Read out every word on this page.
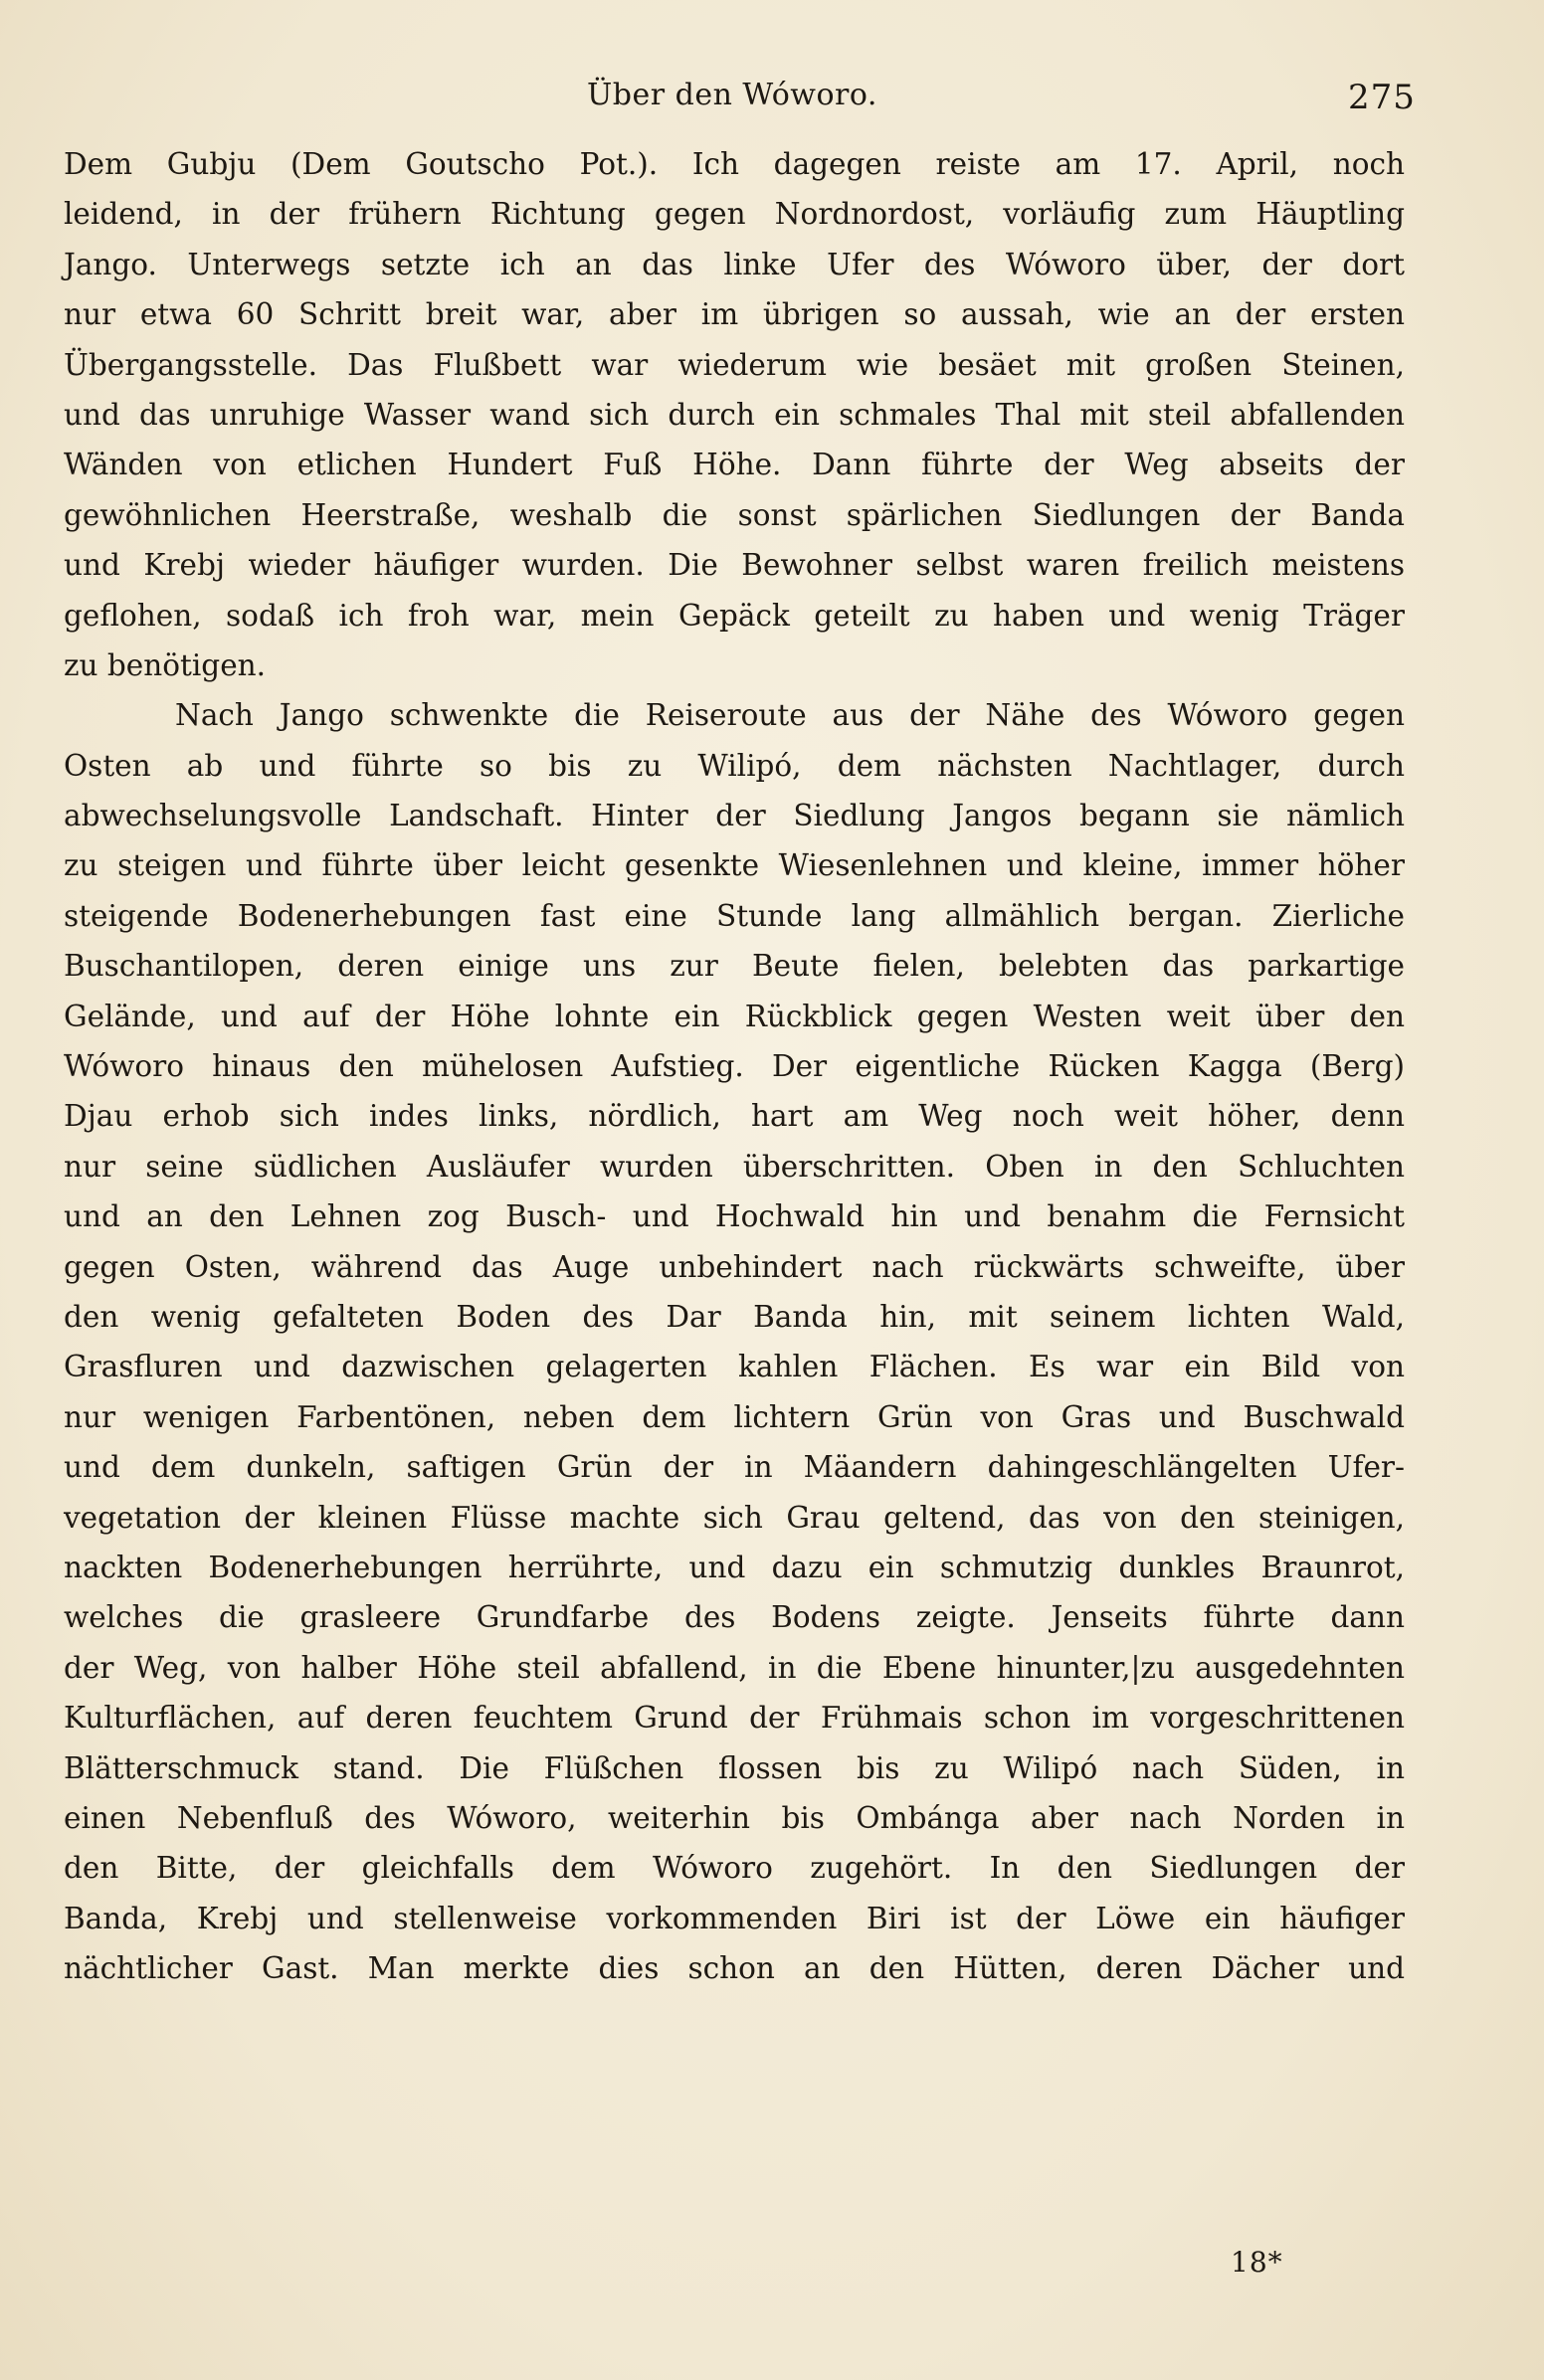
Über den Wóworo.	275
Dem Gubju (Dem Goutscho Pot.). Ich dagegen reiste am 17. April, noch
leidend, in der frühern Richtung gegen Nordnordost, vorläufig zum Häuptling
Jango. Unterwegs setzte ich an das linke Ufer des Wóworo über, der dort
nur etwa 60 Schritt breit war, aber im übrigen so aussah, wie an der ersten
Übergangsstelle. Das Flußbett war wiederum wie besäet mit großen Steinen,
und das unruhige Wasser wand sich durch ein schmales Thal mit steil abfallenden
Wänden von etlichen Hundert Fuß Höhe. Dann führte der Weg abseits der
gewöhnlichen Heerstraße, weshalb die sonst spärlichen Siedlungen der Banda
und Krebj wieder häufiger wurden. Die Bewohner selbst waren freilich meistens
geflohen, sodaß ich froh war, mein Gepäck geteilt zu haben und wenig Träger
zu benötigen.
Nach Jango schwenkte die Reiseroute aus der Nähe des Wóworo gegen
Osten ab und führte so bis zu Wilipó, dem nächsten Nachtlager, durch
abwechselungsvolle Landschaft. Hinter der Siedlung Jangos begann sie nämlich
zu steigen und führte über leicht gesenkte Wiesenlehnen und kleine, immer höher
steigende Bodenerhebungen fast eine Stunde lang allmählich bergan. Zierliche
Buschantilopen, deren einige uns zur Beute fielen, belebten das parkartige
Gelände, und auf der Höhe lohnte ein Rückblick gegen Westen weit über den
Wóworo hinaus den mühelosen Aufstieg. Der eigentliche Rücken Kagga (Berg)
Djau erhob sich indes links, nördlich, hart am Weg noch weit höher, denn
nur seine südlichen Ausläufer wurden überschritten. Oben in den Schluchten
und an den Lehnen zog Busch- und Hochwald hin und benahm die Fernsicht
gegen Osten, während das Auge unbehindert nach rückwärts schweifte, über
den wenig gefalteten Boden des Dar Banda hin, mit seinem lichten Wald,
Grasfluren und dazwischen gelagerten kahlen Flächen. Es war ein Bild von
nur wenigen Farbentönen, neben dem lichtern Grün von Gras und Buschwald
und dem dunkeln, saftigen Grün der in Mäandern dahingeschlängelten Ufer-
vegetation der kleinen Flüsse machte sich Grau geltend, das von den steinigen,
nackten Bodenerhebungen herrührte, und dazu ein schmutzig dunkles Braunrot,
welches die grasleere Grundfarbe des Bodens zeigte. Jenseits führte dann
der Weg, von halber Höhe steil abfallend, in die Ebene hinunter,|zu ausgedehnten
Kulturflächen, auf deren feuchtem Grund der Frühmais schon im vorgeschrittenen
Blätterschmuck stand. Die Flüßchen flossen bis zu Wilipó nach Süden, in
einen Nebenfluß des Wóworo, weiterhin bis Ombánga aber nach Norden in
den Bitte, der gleichfalls dem Wóworo zugehört. In den Siedlungen der
Banda, Krebj und stellenweise vorkommenden Biri ist der Löwe ein häufiger
nächtlicher Gast. Man merkte dies schon an den Hütten, deren Dächer und
18*
